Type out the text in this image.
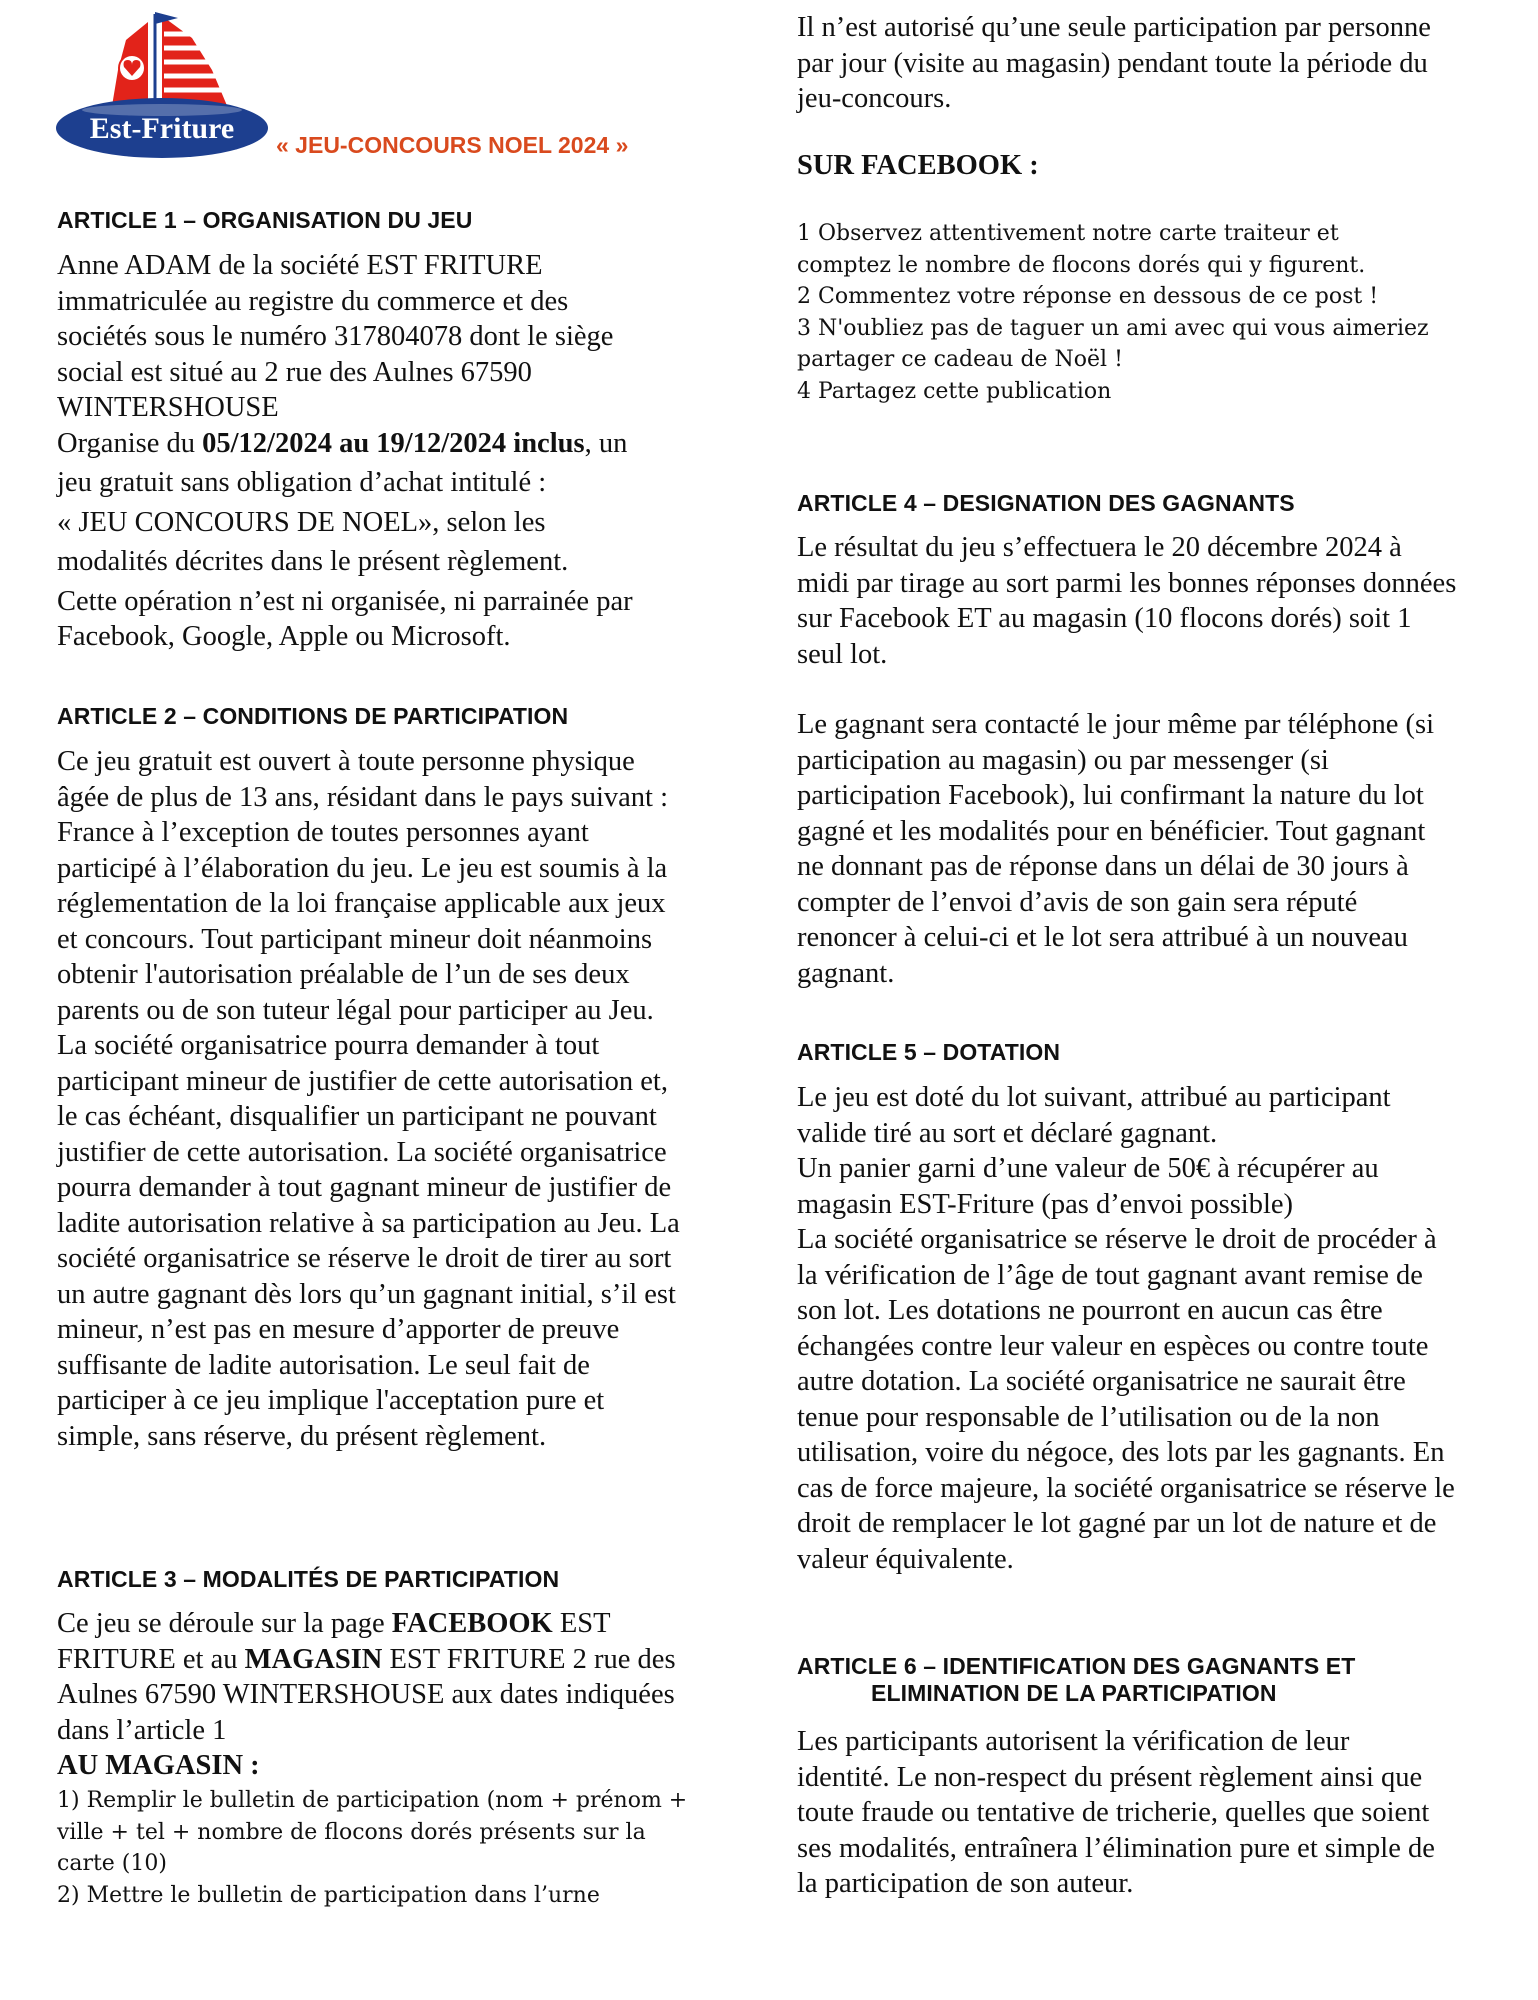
Est-Friture « JEU-CONCOURS NOEL 2024 »
ARTICLE 1 – ORGANISATION DU JEU

Anne ADAM de la société EST FRITURE immatriculée au registre du commerce et des sociétés sous le numéro 317804078 dont le siège social est situé au 2 rue des Aulnes 67590 WINTERSHOUSE

Organise du 05/12/2024 au 19/12/2024 inclus, un

jeu gratuit sans obligation d’achat intitulé :

« JEU CONCOURS DE NOEL», selon les

modalités décrites dans le présent règlement.

Cette opération n’est ni organisée, ni parrainée par Facebook, Google, Apple ou Microsoft.

ARTICLE 2 – CONDITIONS DE PARTICIPATION

Ce jeu gratuit est ouvert à toute personne physique âgée de plus de 13 ans, résidant dans le pays suivant : France à l’exception de toutes personnes ayant participé à l’élaboration du jeu. Le jeu est soumis à la réglementation de la loi française applicable aux jeux et concours. Tout participant mineur doit néanmoins obtenir l'autorisation préalable de l’un de ses deux parents ou de son tuteur légal pour participer au Jeu. La société organisatrice pourra demander à tout participant mineur de justifier de cette autorisation et, le cas échéant, disqualifier un participant ne pouvant justifier de cette autorisation. La société organisatrice pourra demander à tout gagnant mineur de justifier de ladite autorisation relative à sa participation au Jeu. La société organisatrice se réserve le droit de tirer au sort un autre gagnant dès lors qu’un gagnant initial, s’il est mineur, n’est pas en mesure d’apporter de preuve suffisante de ladite autorisation. Le seul fait de participer à ce jeu implique l'acceptation pure et simple, sans réserve, du présent règlement.

ARTICLE 3 – MODALITÉS DE PARTICIPATION

Ce jeu se déroule sur la page FACEBOOK EST FRITURE et au MAGASIN EST FRITURE 2 rue des Aulnes 67590 WINTERSHOUSE aux dates indiquées dans l’article 1

AU MAGASIN :

1) Remplir le bulletin de participation (nom + prénom + ville + tel + nombre de flocons dorés présents sur la carte (10)

2) Mettre le bulletin de participation dans l’urne

Il n’est autorisé qu’une seule participation par personne par jour (visite au magasin) pendant toute la période du jeu-concours.

SUR FACEBOOK :

1 Observez attentivement notre carte traiteur et comptez le nombre de flocons dorés qui y figurent.

2 Commentez votre réponse en dessous de ce post !

3 N'oubliez pas de taguer un ami avec qui vous aimeriez partager ce cadeau de Noël !

4 Partagez cette publication

ARTICLE 4 – DESIGNATION DES GAGNANTS

Le résultat du jeu s’effectuera le 20 décembre 2024 à midi par tirage au sort parmi les bonnes réponses données sur Facebook ET au magasin (10 flocons dorés) soit 1 seul lot.

Le gagnant sera contacté le jour même par téléphone (si participation au magasin) ou par messenger (si participation Facebook), lui confirmant la nature du lot gagné et les modalités pour en bénéficier. Tout gagnant ne donnant pas de réponse dans un délai de 30 jours à compter de l’envoi d’avis de son gain sera réputé renoncer à celui-ci et le lot sera attribué à un nouveau gagnant.

ARTICLE 5 – DOTATION

Le jeu est doté du lot suivant, attribué au participant valide tiré au sort et déclaré gagnant.

Un panier garni d’une valeur de 50€ à récupérer au magasin EST-Friture (pas d’envoi possible)

La société organisatrice se réserve le droit de procéder à la vérification de l’âge de tout gagnant avant remise de son lot. Les dotations ne pourront en aucun cas être échangées contre leur valeur en espèces ou contre toute autre dotation. La société organisatrice ne saurait être tenue pour responsable de l’utilisation ou de la non utilisation, voire du négoce, des lots par les gagnants. En cas de force majeure, la société organisatrice se réserve le droit de remplacer le lot gagné par un lot de nature et de valeur équivalente.

ARTICLE 6 – IDENTIFICATION DES GAGNANTS ET
ELIMINATION DE LA PARTICIPATION

Les participants autorisent la vérification de leur identité. Le non-respect du présent règlement ainsi que toute fraude ou tentative de tricherie, quelles que soient ses modalités, entraînera l’élimination pure et simple de la participation de son auteur.
